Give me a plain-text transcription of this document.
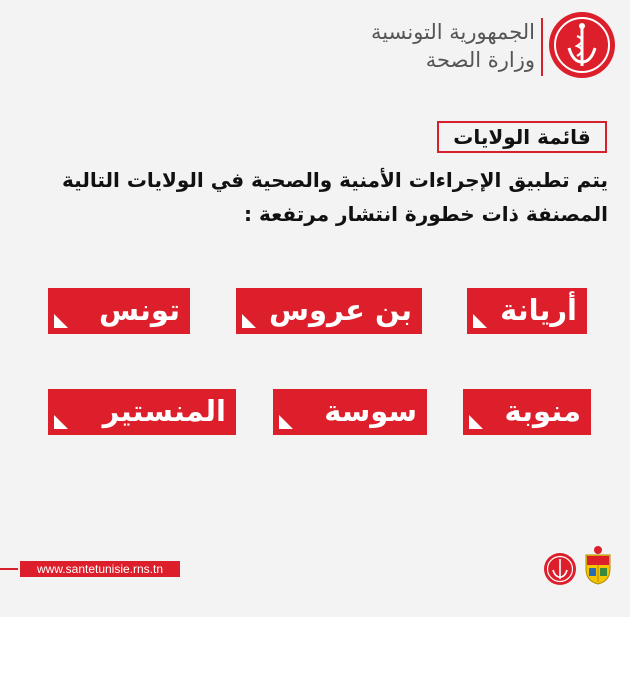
الجمهورية التونسية
وزارة الصحة
قائمة الولايات
يتم تطبيق الإجراءات الأمنية والصحية في الولايات التالية
المصنفة ذات خطورة انتشار مرتفعة :
أريانة
بن عروس
تونس
منوبة
سوسة
المنستير
www.santetunisie.rns.tn
